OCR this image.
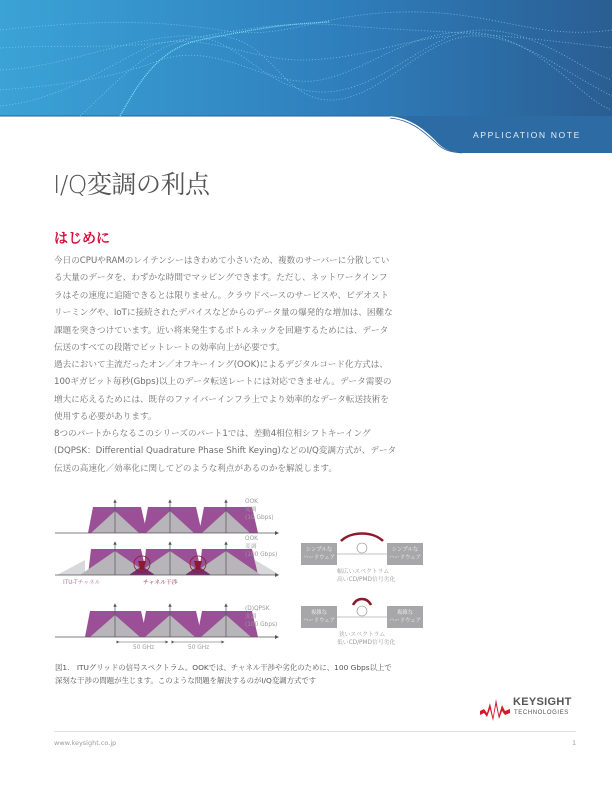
APPLICATION NOTE
I/Q変調の利点
はじめに

今日のCPUやRAMのレイテンシーはきわめて小さいため、複数のサーバーに分散してい

る大量のデータを、わずかな時間でマッピングできます。ただし、ネットワークインフ

ラはその速度に追随できるとは限りません。クラウドベースのサービスや、ビデオスト

リーミングや、IoTに接続されたデバイスなどからのデータ量の爆発的な増加は、困難な

課題を突きつけています。近い将来発生するボトルネックを回避するためには、データ

伝送のすべての段階でビットレートの効率向上が必要です。

過去において主流だったオン／オフキーイング(OOK)によるデジタルコード化方式は、

100ギガビット毎秒(Gbps)以上のデータ転送レートには対応できません。データ需要の

増大に応えるためには、既存のファイバーインフラ上でより効率的なデータ転送技術を

使用する必要があります。

8つのパートからなるこのシリーズのパート1では、差動4相位相シフトキーイング

(DQPSK：Differential Quadrature Phase Shift Keying)などのI/Q変調方式が、データ

伝送の高速化／効率化に関してどのような利点があるのかを解説します。

OOK
変調
(10 Gbps)
OOK
変調
(100 Gbps)
(D)QPSK
変調
(100 Gbps)
ITU-Tチャネル	チャネル干渉
50 GHz	50 GHz
シンプルな
ハードウェア
シンプルな
ハードウェア
幅広いスペクトラム
高いCD/PMD信号劣化
複雑な
ハードウェア
複雑な
ハードウェア
狭いスペクトラム
低いCD/PMD信号劣化

図1.　ITUグリッドの信号スペクトラム。OOKでは、チャネル干渉や劣化のために、100 Gbps以上で

深刻な干渉の問題が生じます。このような問題を解決するのがI/Q変調方式です

KEYSIGHT
TECHNOLOGIES
www.keysight.co.jp	1
